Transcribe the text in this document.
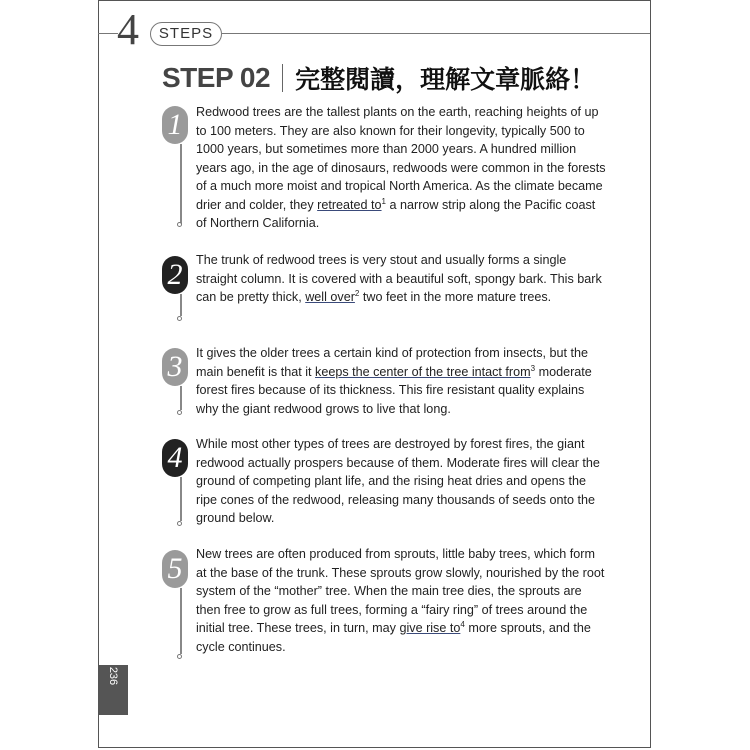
4	STEPS
STEP 02 完整閱讀，理解文章脈絡！
236
1	Redwood trees are the tallest plants on the earth, reaching heights of up to 100 meters. They are also known for their longevity, typically 500 to 1000 years, but sometimes more than 2000 years. A hundred million years ago, in the age of dinosaurs, redwoods were common in the forests of a much more moist and tropical North America. As the climate became drier and colder, they retreated $to^1$ a narrow strip along the Pacific coast of Northern California.
2	The trunk of redwood trees is very stout and usually forms a single straight column. It is covered with a beautiful soft, spongy bark. This bark can be pretty thick, well over$^2$ two feet in the more mature trees.
3	It gives the older trees a certain kind of protection from insects, but the main benefit is that it keeps the center of the tree intact from$^3$ moderate forest fires because of its thickness. This fire resistant quality explains why the giant redwood grows to live that long.
4	While most other types of trees are destroyed by forest fires, the giant redwood actually prospers because of them. Moderate fires will clear the ground of competing plant life, and the rising heat dries and opens the ripe cones of the redwood, releasing many thousands of seeds onto the ground below.
5	New trees are often produced from sprouts, little baby trees, which form at the base of the trunk. These sprouts grow slowly, nourished by the root system of the “mother” tree. When the main tree dies, the sprouts are then free to grow as full trees, forming a “fairy ring” of trees around the initial tree. These trees, in turn, may give rise $to^4$ more sprouts, and the cycle continues.
